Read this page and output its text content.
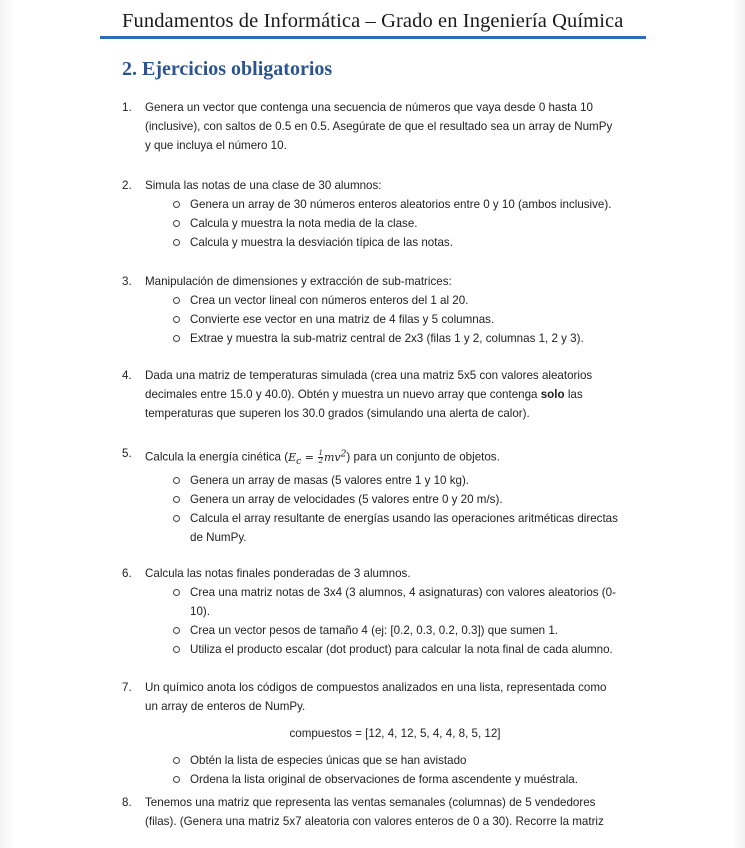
Fundamentos de Informática – Grado en Ingeniería Química
2. Ejercicios obligatorios
1. Genera un vector que contenga una secuencia de números que vaya desde 0 hasta 10
(inclusive), con saltos de 0.5 en 0.5. Asegúrate de que el resultado sea un array de NumPy
y que incluya el número 10.
2. Simula las notas de una clase de 30 alumnos:
Genera un array de 30 números enteros aleatorios entre 0 y 10 (ambos inclusive).
Calcula y muestra la nota media de la clase.
Calcula y muestra la desviación típica de las notas.
3. Manipulación de dimensiones y extracción de sub-matrices:
Crea un vector lineal con números enteros del 1 al 20.
Convierte ese vector en una matriz de 4 filas y 5 columnas.
Extrae y muestra la sub-matriz central de 2x3 (filas 1 y 2, columnas 1, 2 y 3).
4. Dada una matriz de temperaturas simulada (crea una matriz 5x5 con valores aleatorios
decimales entre 15.0 y 40.0). Obtén y muestra un nuevo array que contenga solo las
temperaturas que superen los 30.0 grados (simulando una alerta de calor).
5. Calcula la energía cinética $(E_c = \frac{1}{2} mv^2)$ para un conjunto de objetos.
Genera un array de masas (5 valores entre 1 y 10 kg).
Genera un array de velocidades (5 valores entre 0 y 20 m/s).
Calcula el array resultante de energías usando las operaciones aritméticas directas
de NumPy.
6. Calcula las notas finales ponderadas de 3 alumnos.
Crea una matriz notas de 3x4 (3 alumnos, 4 asignaturas) con valores aleatorios (0-
10).
Crea un vector pesos de tamaño 4 (ej: [0.2, 0.3, 0.2, 0.3]) que sumen 1.
Utiliza el producto escalar (dot product) para calcular la nota final de cada alumno.
7. Un químico anota los códigos de compuestos analizados en una lista, representada como
un array de enteros de NumPy.
compuestos = [12, 4, 12, 5, 4, 4, 8, 5, 12]
Obtén la lista de especies únicas que se han avistado
Ordena la lista original de observaciones de forma ascendente y muéstrala.
8. Tenemos una matriz que representa las ventas semanales (columnas) de 5 vendedores
(filas). (Genera una matriz 5x7 aleatoria con valores enteros de 0 a 30). Recorre la matriz
